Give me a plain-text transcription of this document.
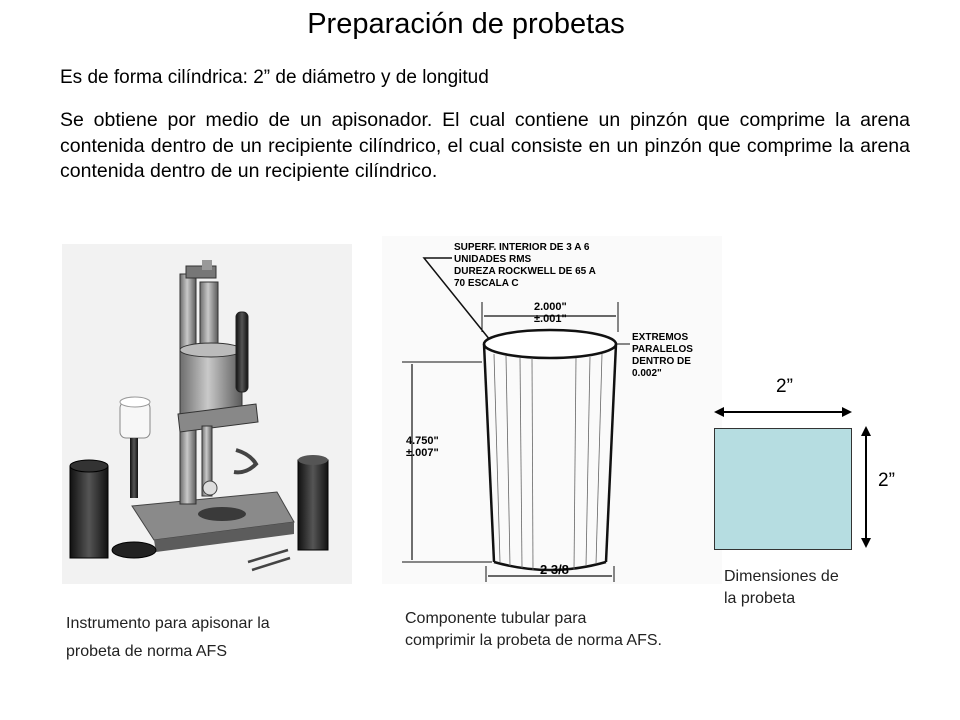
Preparación de probetas
Es de forma cilíndrica: 2” de diámetro y de longitud
Se obtiene por medio de un apisonador. El cual contiene un pinzón que comprime la arena contenida dentro de un recipiente cilíndrico, el cual consiste en un pinzón que comprime la arena contenida dentro de un recipiente cilíndrico.
SUPERF. INTERIOR DE 3 A 6
UNIDADES RMS
DUREZA ROCKWELL DE 65 A
70 ESCALA C
2.000"
±.001"
EXTREMOS
PARALELOS
DENTRO DE
0.002"
4.750"
±.007"
2 3/8
2”
2”
Instrumento para apisonar la
probeta de norma AFS
Componente tubular para
comprimir la probeta de norma AFS.
Dimensiones de
la probeta
